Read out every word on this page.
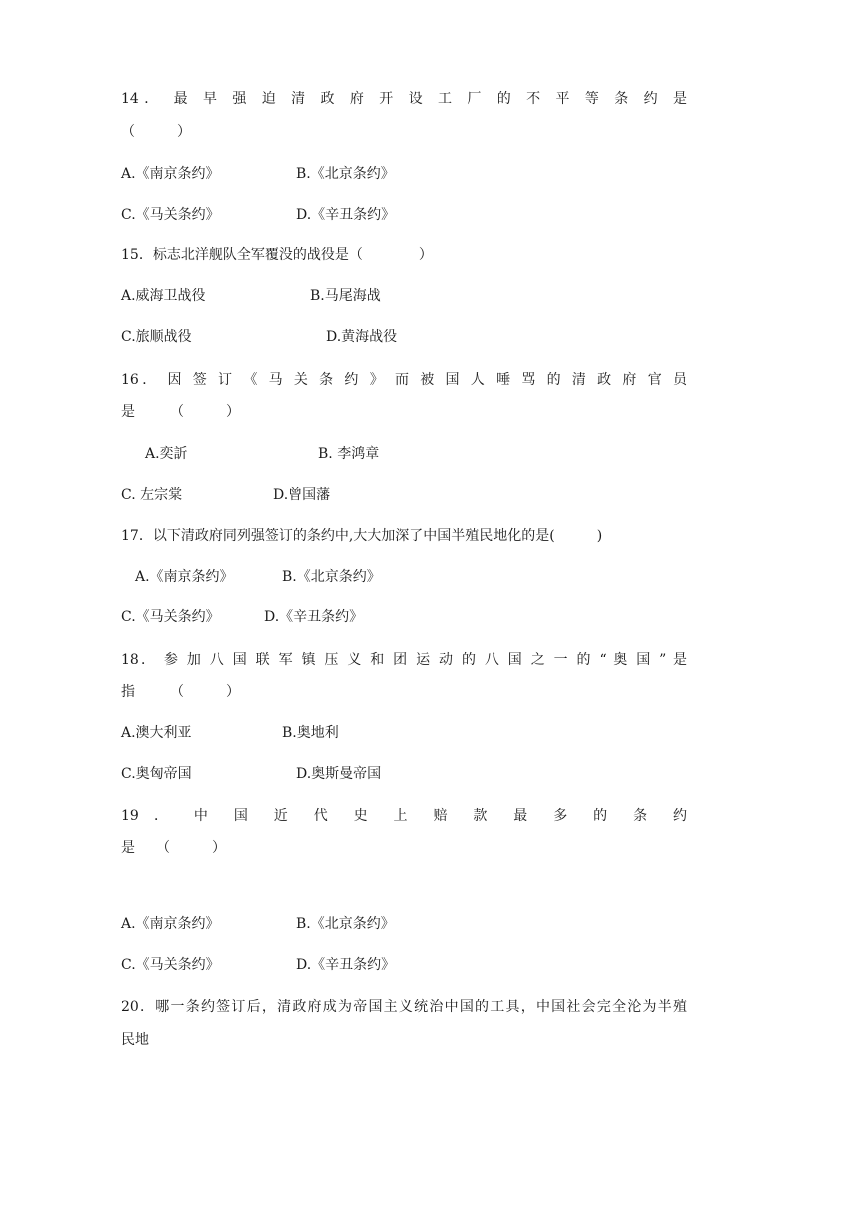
14． 最 早 强 迫 清 政 府 开 设 工 厂 的 不 平 等 条 约 是
（　　　）
A.《南京条约》	B.《北京条约》
C.《马关条约》	D.《辛丑条约》
15．标志北洋舰队全军覆没的战役是（　　　　）
A.威海卫战役	B.马尾海战
C.旅顺战役	D.黄海战役
16． 因 签 订 《 马 关 条 约 》 而 被 国 人 唾 骂 的 清 政 府 官 员
是　　　（　　　）
A.奕訢	B. 李鸿章
C. 左宗棠	D.曾国藩
17．以下清政府同列强签订的条约中,大大加深了中国半殖民地化的是(　　　)
A.《南京条约》	B.《北京条约》
C.《马关条约》	D.《辛丑条约》
18． 参 加 八 国 联 军 镇 压 义 和 团 运 动 的 八 国 之 一 的 “ 奥 国 ” 是
指　　　（　　　）
A.澳大利亚	B.奥地利
C.奥匈帝国	D.奥斯曼帝国
19 ． 中 国 近 代 史 上 赔 款 最 多 的 条 约
是　　（　　　）
A.《南京条约》	B.《北京条约》
C.《马关条约》	D.《辛丑条约》
20．哪一条约签订后，清政府成为帝国主义统治中国的工具，中国社会完全沦为半殖
民地
